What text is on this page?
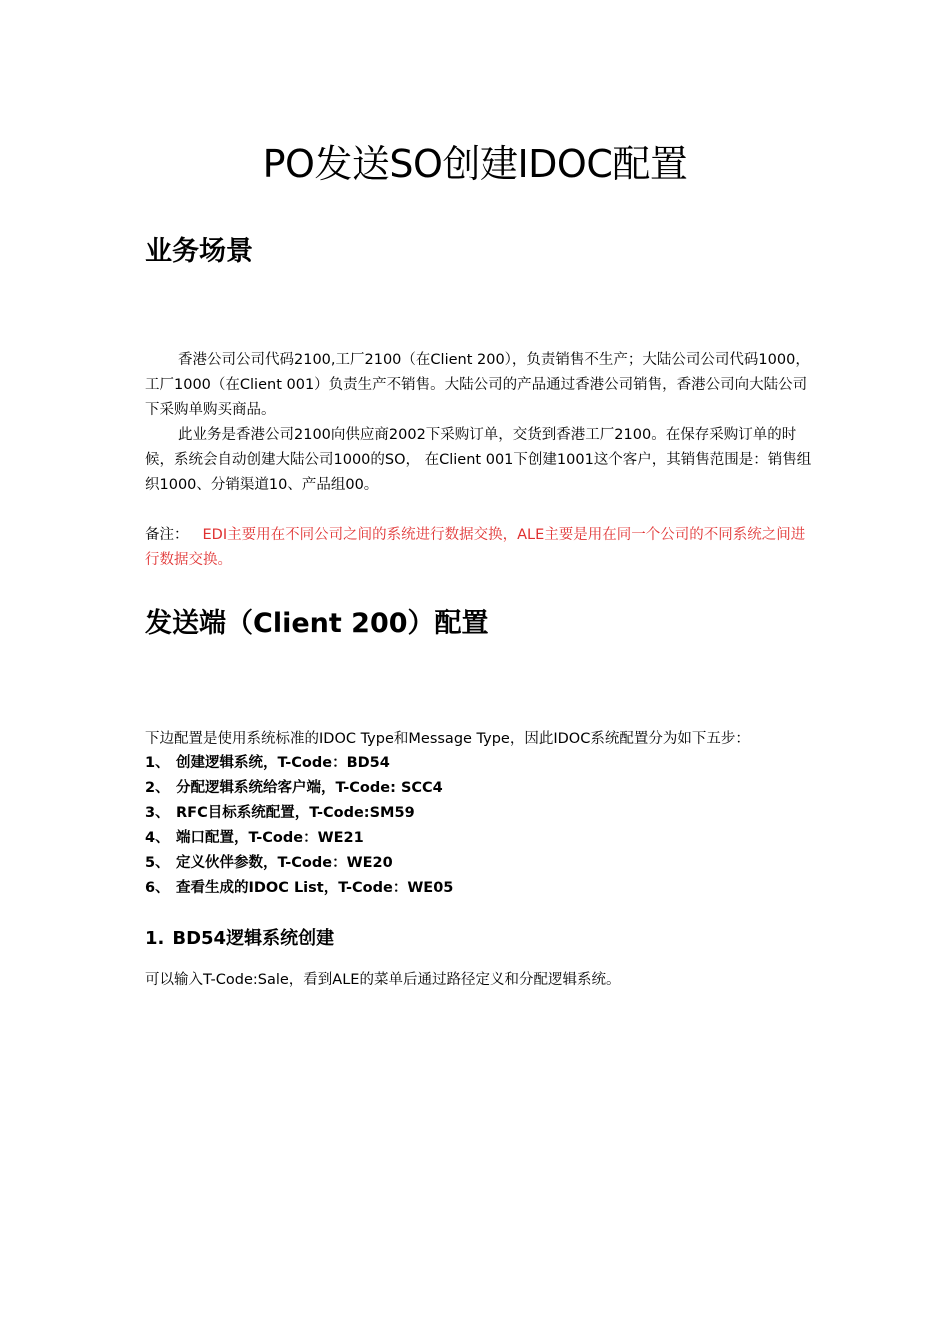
PO发送SO创建IDOC配置
业务场景

香港公司公司代码2100,工厂2100（在Client 200），负责销售不生产；大陆公司公司代码1000，工厂1000（在Client 001）负责生产不销售。大陆公司的产品通过香港公司销售，香港公司向大陆公司下采购单购买商品。

此业务是香港公司2100向供应商2002下采购订单，交货到香港工厂2100。在保存采购订单的时候，系统会自动创建大陆公司1000的SO， 在Client 001下创建1001这个客户，其销售范围是：销售组织1000、分销渠道10、产品组00。

备注： EDI主要用在不同公司之间的系统进行数据交换，ALE主要是用在同一个公司的不同系统之间进行数据交换。

发送端（Client 200）配置

下边配置是使用系统标准的IDOC Type和Message Type，因此IDOC系统配置分为如下五步：

1、 创建逻辑系统，T-Code：BD54
2、 分配逻辑系统给客户端，T-Code: SCC4
3、 RFC目标系统配置，T-Code:SM59
4、 端口配置，T-Code：WE21
5、 定义伙伴参数，T-Code：WE20
6、 查看生成的IDOC List，T-Code：WE05
1. BD54逻辑系统创建

可以输入T-Code:Sale，看到ALE的菜单后通过路径定义和分配逻辑系统。
